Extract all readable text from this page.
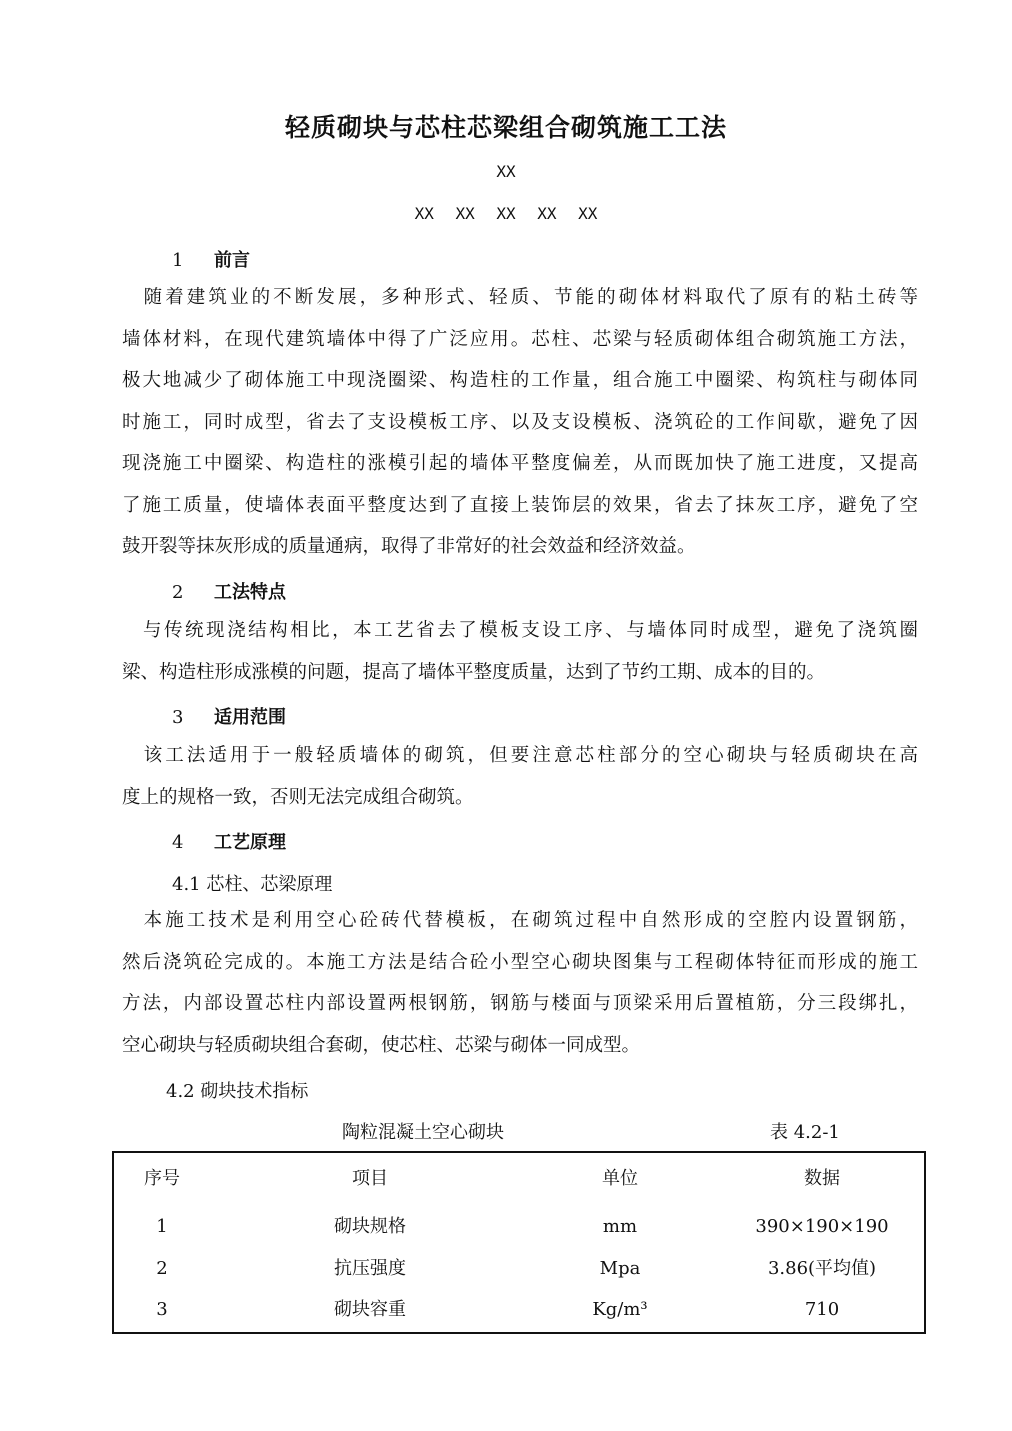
轻质砌块与芯柱芯梁组合砌筑施工工法
XX
XX XX XX XX XX
1 前言
　随着建筑业的不断发展，多种形式、轻质、节能的砌体材料取代了原有的粘土砖等
墙体材料，在现代建筑墙体中得了广泛应用。芯柱、芯梁与轻质砌体组合砌筑施工方法，
极大地减少了砌体施工中现浇圈梁、构造柱的工作量，组合施工中圈梁、构筑柱与砌体同
时施工，同时成型，省去了支设模板工序、以及支设模板、浇筑砼的工作间歇，避免了因
现浇施工中圈梁、构造柱的涨模引起的墙体平整度偏差，从而既加快了施工进度，又提高
了施工质量，使墙体表面平整度达到了直接上装饰层的效果，省去了抹灰工序，避免了空
鼓开裂等抹灰形成的质量通病，取得了非常好的社会效益和经济效益。
2 工法特点
　与传统现浇结构相比，本工艺省去了模板支设工序、与墙体同时成型，避免了浇筑圈
梁、构造柱形成涨模的问题，提高了墙体平整度质量，达到了节约工期、成本的目的。
3 适用范围
　该工法适用于一般轻质墙体的砌筑，但要注意芯柱部分的空心砌块与轻质砌块在高
度上的规格一致，否则无法完成组合砌筑。
4 工艺原理
4.1 芯柱、芯梁原理
　本施工技术是利用空心砼砖代替模板，在砌筑过程中自然形成的空腔内设置钢筋，
然后浇筑砼完成的。本施工方法是结合砼小型空心砌块图集与工程砌体特征而形成的施工
方法，内部设置芯柱内部设置两根钢筋，钢筋与楼面与顶梁采用后置植筋，分三段绑扎，
空心砌块与轻质砌块组合套砌，使芯柱、芯梁与砌体一同成型。
4.2 砌块技术指标
陶粒混凝土空心砌块	表 4.2-1
序号	项目	单位	数据
1	砌块规格	mm	390×190×190
2	抗压强度	Mpa	3.86(平均值)
3	砌块容重	Kg/m³	710
